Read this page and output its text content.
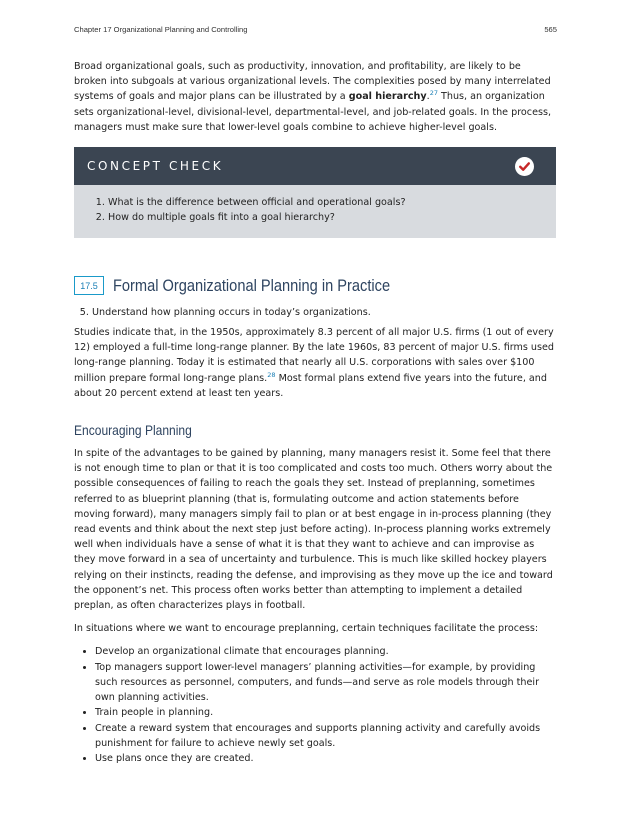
Chapter 17 Organizational Planning and Controlling	565

Broad organizational goals, such as productivity, innovation, and profitability, are likely to be broken into subgoals at various organizational levels. The complexities posed by many interrelated systems of goals and major plans can be illustrated by a goal hierarchy.$^{27}$ Thus, an organization sets organizational-level, divisional-level, departmental-level, and job-related goals. In the process, managers must make sure that lower-level goals combine to achieve higher-level goals.

CONCEPT CHECK
1. What is the difference between official and operational goals?
2. How do multiple goals fit into a goal hierarchy?
17.5 Formal Organizational Planning in Practice
5. Understand how planning occurs in today’s organizations.

Studies indicate that, in the 1950s, approximately 8.3 percent of all major U.S. firms (1 out of every 12) employed a full-time long-range planner. By the late 1960s, 83 percent of major U.S. firms used long-range planning. Today it is estimated that nearly all U.S. corporations with sales over $100 million prepare formal long-range plans.$^{28}$ Most formal plans extend five years into the future, and about 20 percent extend at least ten years.

Encouraging Planning

In spite of the advantages to be gained by planning, many managers resist it. Some feel that there is not enough time to plan or that it is too complicated and costs too much. Others worry about the possible consequences of failing to reach the goals they set. Instead of preplanning, sometimes referred to as blueprint planning (that is, formulating outcome and action statements before moving forward), many managers simply fail to plan or at best engage in in-process planning (they read events and think about the next step just before acting). In-process planning works extremely well when individuals have a sense of what it is that they want to achieve and can improvise as they move forward in a sea of uncertainty and turbulence. This is much like skilled hockey players relying on their instincts, reading the defense, and improvising as they move up the ice and toward the opponent’s net. This process often works better than attempting to implement a detailed preplan, as often characterizes plays in football.

In situations where we want to encourage preplanning, certain techniques facilitate the process:

• Develop an organizational climate that encourages planning.
• Top managers support lower-level managers’ planning activities—for example, by providing such resources as personnel, computers, and funds—and serve as role models through their own planning activities.
• Train people in planning.
• Create a reward system that encourages and supports planning activity and carefully avoids punishment for failure to achieve newly set goals.
• Use plans once they are created.
